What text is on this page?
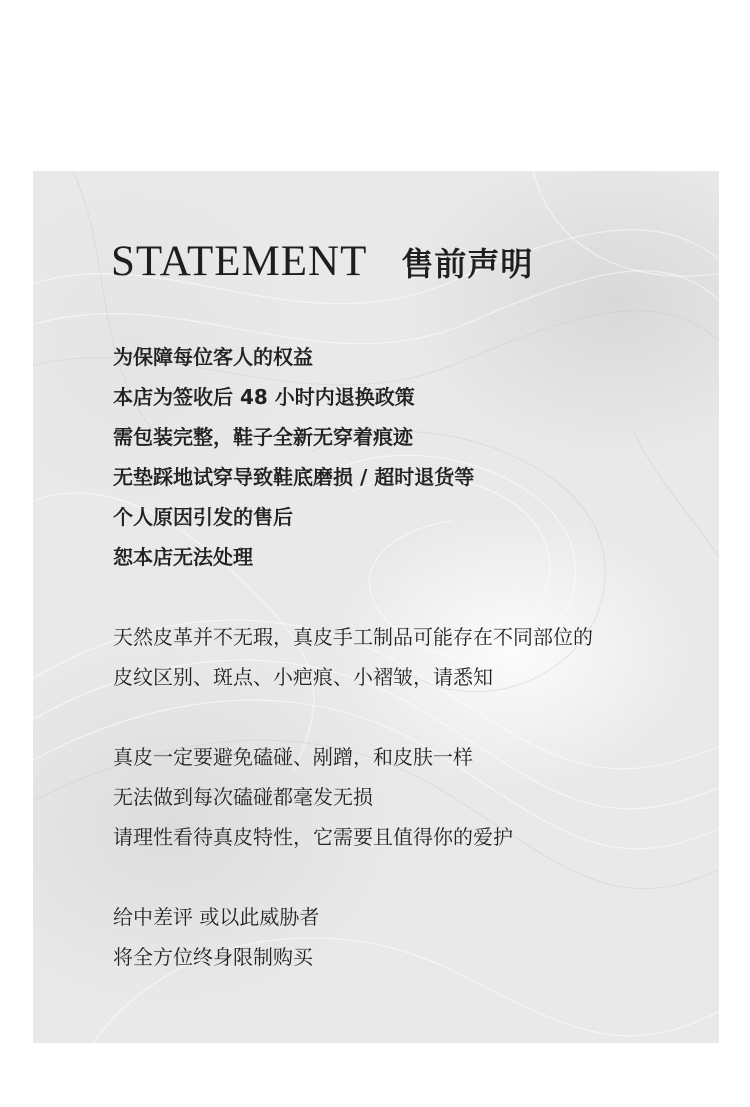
STATEMENT 售前声明
为保障每位客人的权益
本店为签收后 48 小时内退换政策
需包装完整，鞋子全新无穿着痕迹
无垫踩地试穿导致鞋底磨损 / 超时退货等
个人原因引发的售后
恕本店无法处理
天然皮革并不无瑕，真皮手工制品可能存在不同部位的
皮纹区别、斑点、小疤痕、小褶皱，请悉知
真皮一定要避免磕碰、剐蹭，和皮肤一样
无法做到每次磕碰都毫发无损
请理性看待真皮特性，它需要且值得你的爱护
给中差评 或以此威胁者
将全方位终身限制购买
